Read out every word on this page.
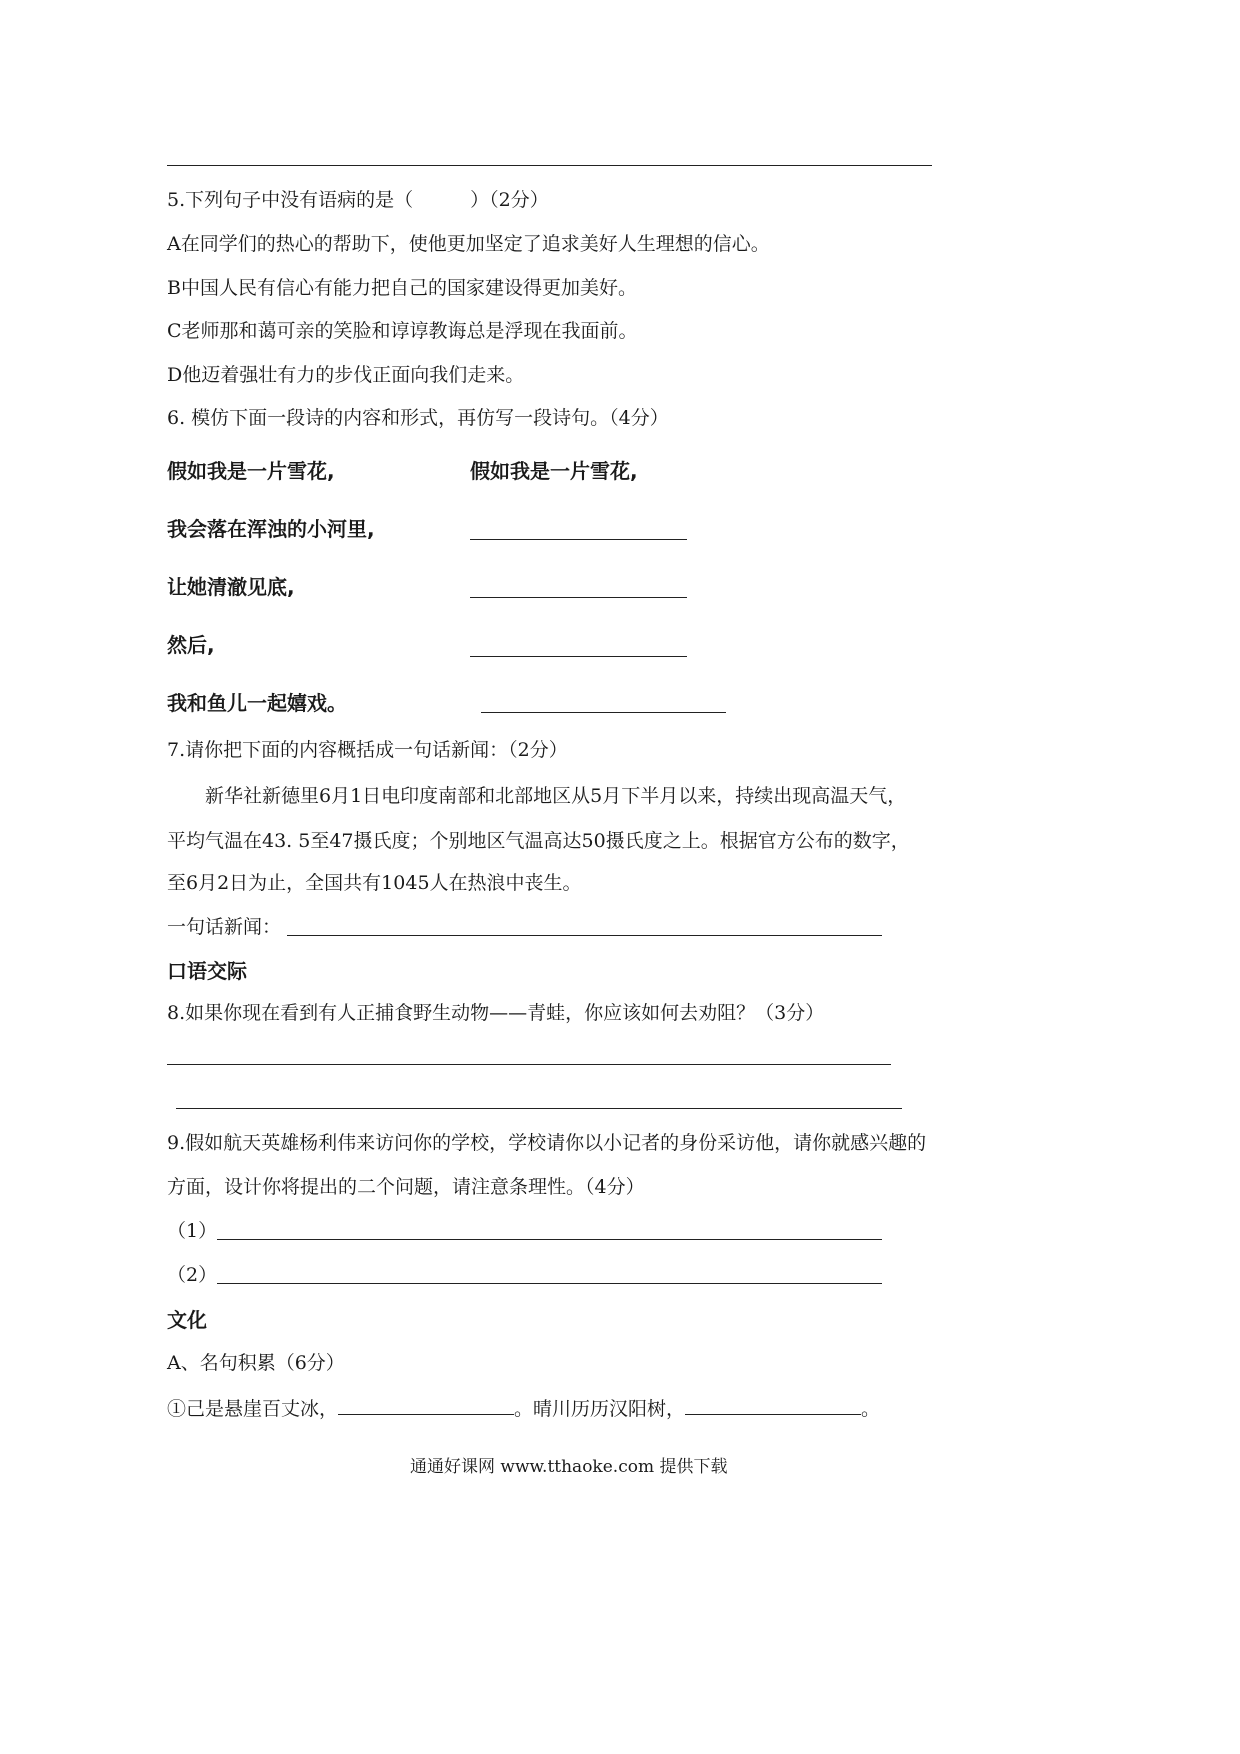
5.下列句子中没有语病的是（　　　）（2分）
A在同学们的热心的帮助下，使他更加坚定了追求美好人生理想的信心。
B中国人民有信心有能力把自己的国家建设得更加美好。
C老师那和蔼可亲的笑脸和谆谆教诲总是浮现在我面前。
D他迈着强壮有力的步伐正面向我们走来。
6. 模仿下面一段诗的内容和形式，再仿写一段诗句。（4分）
假如我是一片雪花,	假如我是一片雪花,
我会落在浑浊的小河里,
让她清澈见底,
然后,
我和鱼儿一起嬉戏。
7.请你把下面的内容概括成一句话新闻：（2分）
新华社新德里6月1日电印度南部和北部地区从5月下半月以来，持续出现高温天气，
平均气温在43. 5至47摄氏度；个别地区气温高达50摄氏度之上。根据官方公布的数字，
至6月2日为止，全国共有1045人在热浪中丧生。
一句话新闻：
口语交际
8.如果你现在看到有人正捕食野生动物——青蛙，你应该如何去劝阻？（3分）
9.假如航天英雄杨利伟来访问你的学校，学校请你以小记者的身份采访他，请你就感兴趣的
方面，设计你将提出的二个问题，请注意条理性。（4分）
（1）
（2）
文化
A、名句积累（6分）
①己是悬崖百丈冰，	。晴川历历汉阳树，	。
通通好课网 www.tthaoke.com 提供下载
